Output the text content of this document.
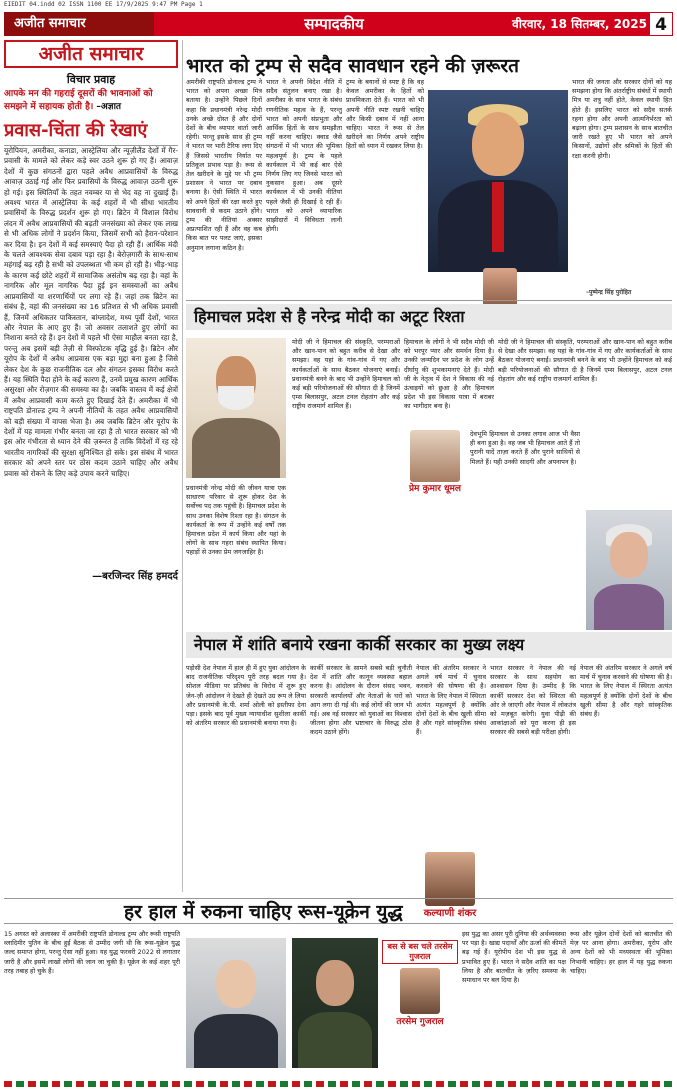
EIEDIT 04.indd 02 ISSN 1100 EE 17/9/2025 9:47 PM Page 1
अजीत समाचार	सम्पादकीय	वीरवार, 18 सितम्बर, 2025 4
अजीत समाचार
विचार प्रवाह
आपके मन की गहराई दूसरों की भावनाओं को समझने में सहायक होती है। –अज्ञात
प्रवास-चिंता की रेखाएं
यूरोपियन, अमरीका, कनाडा, आस्ट्रेलिया और न्यूज़ीलैंड देशों में गैर-प्रवासी के मामले को लेकर कड़े स्वर उठने शुरू हो गए हैं। आवाज़ देशों में कुछ संगठनों द्वारा पहले अवैध आप्रवासियों के विरुद्ध आवाज़ उठाई गई और फिर प्रवासियों के विरुद्ध आवाज़ उठनी शुरू हो गई। इस स्थितियाँ के तहत नवम्बर या से भेद वह ना दुखाई हैं। अवश्य भारत में आस्ट्रेलिया के कई शहरों में भी सीधा भारतीय प्रवासियों के विरुद्ध प्रदर्शन शुरू हो गए। ब्रिटेन में विशाल विरोध लंदन में अवैध आप्रवासियों की बढ़ती जनसंख्या को लेकर एक लाख से भी अधिक लोगों ने प्रदर्शन किया, जिसमें सभी को हैरान-परेशान कर दिया है। इन देशों में कई समस्याएं पैदा हो रही हैं। आर्थिक मंदी के चलते आवश्यक सेवा दबाव पड़ा रहा है। बेरोज़गारी के साथ-साथ महंगाई बढ़ रही है सभी को उपलब्धता भी कम हो रही है। भीड़-भाड़ के कारण कई छोटे शहरों में सामाजिक असंतोष बढ़ रहा है। वहां के नागरिक और मूल नागरिक पैदा हुई इन समस्याओं का अवैध आप्रवासियों या शरणार्थियों पर लगा रहे हैं। जहां तक ब्रिटेन का संबंध है, वहां की जनसंख्या का 16 प्रतिशत से भी अधिक प्रवासी हैं, जिनमें अधिकतर पाकिस्तान, बांग्लादेश, मध्य पूर्वी देशों, भारत और नेपाल के आए हुए हैं। जो अवसर तलाशते हुए लोगों का निशाना बनते रहे हैं। इन देशों में पहले भी ऐसा माहौल बनता रहा है, परन्तु अब इसमें बड़ी तेज़ी से विस्फोटक वृद्धि हुई है। ब्रिटेन और यूरोप के देशों में अवैध आप्रवास एक बड़ा मुद्दा बना हुआ है जिसे लेकर देश के कुछ राजनीतिक दल और संगठन इसका विरोध करते हैं। यह स्थिति पैदा होने के कई कारण हैं, उनमें प्रमुख कारण आर्थिक असुरक्षा और रोज़गार की समस्या का है। जबकि वास्तव में कई क्षेत्रों में अवैध आप्रवासी काम करते हुए दिखाई देते हैं। अमरीका में भी राष्ट्रपति डोनाल्ड ट्रम्प ने अपनी नीतियों के तहत अवैध आप्रवासियों को बड़ी संख्या में वापस भेजा है। अब जबकि ब्रिटेन और यूरोप के देशों में यह मामला गंभीर बनता जा रहा है तो भारत सरकार को भी इस ओर गंभीरता से ध्यान देने की ज़रूरत है ताकि विदेशों में रह रहे भारतीय नागरिकों की सुरक्षा सुनिश्चित हो सके। इस संबंध में भारत सरकार को अपने स्तर पर ठोस कदम उठाने चाहिए और अवैध प्रवास को रोकने के लिए कड़े उपाय करने चाहिए।
—बरजिन्दर सिंह हमदर्द
भारत को ट्रम्प से सदैव सावधान रहने की ज़रूरत
अमरीकी राष्ट्रपति डोनाल्ड ट्रम्प ने भारत को अपना अच्छा मित्र बताया है। उन्होंने पिछले दिनों कहा कि प्रधानमंत्री नरेन्द्र मोदी उनके अच्छे दोस्त हैं और दोनों देशों के बीच व्यापार वार्ता जारी रहेगी। परन्तु इसके साथ ही ट्रम्प ने भारत पर भारी टैरिफ लगा दिए हैं जिससे भारतीय निर्यात पर प्रतिकूल प्रभाव पड़ा है। रूस से तेल खरीदने के मुद्दे पर भी ट्रम्प प्रशासन ने भारत पर दबाव बनाया है। ऐसी स्थिति में भारत को अपने हितों की रक्षा करते हुए सावधानी से कदम उठाने होंगे। ट्रम्प की नीतियां अक्सर अप्रत्याशित रही हैं और वह कब किस बात पर पलट जाएं, इसका अनुमान लगाना कठिन है।
भारत ने अपनी विदेश नीति में सदैव संतुलन बनाए रखा है। अमरीका के साथ भारत के संबंध रणनीतिक महत्व के हैं, परन्तु भारत को अपनी संप्रभुता और आर्थिक हितों के साथ समझौता नहीं करना चाहिए। क्वाड जैसे संगठनों में भी भारत की भूमिका महत्वपूर्ण है। ट्रम्प के पहले कार्यकाल में भी कई बार ऐसे निर्णय लिए गए जिनसे भारत को नुकसान हुआ। अब दूसरे कार्यकाल में भी उनकी नीतियां पहले जैसी ही दिखाई दे रही हैं। भारत को अपने व्यापारिक साझीदारों में विविधता लानी होगी।
ट्रम्प के बयानों से स्पष्ट है कि वह केवल अमरीका के हितों को प्राथमिकता देते हैं। भारत को भी अपनी नीति स्पष्ट रखनी चाहिए और किसी दबाव में नहीं आना चाहिए। भारत ने रूस से तेल खरीदने का निर्णय अपने राष्ट्रीय हितों को ध्यान में रखकर लिया है।
भारत की जनता और सरकार दोनों को यह समझना होगा कि अंतर्राष्ट्रीय संबंधों में स्थायी मित्र या शत्रु नहीं होते, केवल स्थायी हित होते हैं। इसलिए भारत को सदैव सतर्क रहना होगा और अपनी आत्मनिर्भरता को बढ़ाना होगा। ट्रम्प प्रशासन के साथ बातचीत जारी रखते हुए भी भारत को अपने किसानों, उद्योगों और श्रमिकों के हितों की रक्षा करनी होगी।
–पुष्पेन्द्र सिंह पुरोहित
हिमाचल प्रदेश से है नरेन्द्र मोदी का अटूट रिश्ता
प्रधानमंत्री नरेन्द्र मोदी की जीवन यात्रा एक साधारण परिवार से शुरू होकर देश के सर्वोच्च पद तक पहुंची है। हिमाचल प्रदेश के साथ उनका विशेष रिश्ता रहा है। संगठन के कार्यकर्ता के रूप में उन्होंने कई वर्षों तक हिमाचल प्रदेश में कार्य किया और यहां के लोगों के साथ गहरा संबंध स्थापित किया। पहाड़ों से उनका प्रेम जगजाहिर है।
मोदी जी ने हिमाचल की संस्कृति, परम्पराओं और खान-पान को बहुत करीब से देखा और समझा। वह यहां के गांव-गांव में गए और कार्यकर्ताओं के साथ बैठकर योजनाएं बनाईं। प्रधानमंत्री बनने के बाद भी उन्होंने हिमाचल को कई बड़ी परियोजनाओं की सौगात दी है जिनमें एम्स बिलासपुर, अटल टनल रोहतांग और कई राष्ट्रीय राजमार्ग शामिल हैं।
हिमाचल के लोगों ने भी सदैव मोदी जी को भरपूर प्यार और समर्थन दिया है। उनकी जन्मदिन पर प्रदेश के लोग उन्हें दीर्घायु की शुभकामनाएं देते हैं। मोदी जी के नेतृत्व में देश ने विकास की नई ऊंचाइयों को छुआ है और हिमाचल प्रदेश भी इस विकास यात्रा में बराबर का भागीदार बना है।
प्रेम कुमार धूमल
देवभूमि हिमाचल से उनका लगाव आज भी वैसा ही बना हुआ है। वह जब भी हिमाचल आते हैं तो पुरानी यादें ताज़ा करते हैं और पुराने साथियों से मिलते हैं। यही उनकी सादगी और अपनापन है।
मोदी जी ने हिमाचल की संस्कृति, परम्पराओं और खान-पान को बहुत करीब से देखा और समझा। वह यहां के गांव-गांव में गए और कार्यकर्ताओं के साथ बैठकर योजनाएं बनाईं। प्रधानमंत्री बनने के बाद भी उन्होंने हिमाचल को कई बड़ी परियोजनाओं की सौगात दी है जिनमें एम्स बिलासपुर, अटल टनल रोहतांग और कई राष्ट्रीय राजमार्ग शामिल हैं।
नेपाल में शांति बनाये रखना कार्की सरकार का मुख्य लक्ष्य
पड़ोसी देश नेपाल में हाल ही में हुए युवा आंदोलन के बाद राजनीतिक परिदृश्य पूरी तरह बदल गया है। सोशल मीडिया पर प्रतिबंध के विरोध में शुरू हुए जेन-ज़ी आंदोलन ने देखते ही देखते उग्र रूप ले लिया और प्रधानमंत्री के.पी. शर्मा ओली को इस्तीफा देना पड़ा। इसके बाद पूर्व मुख्य न्यायाधीश सुशीला कार्की को अंतरिम सरकार की प्रधानमंत्री बनाया गया है।
कार्की सरकार के सामने सबसे बड़ी चुनौती देश में शांति और कानून व्यवस्था बहाल करना है। आंदोलन के दौरान संसद भवन, सरकारी कार्यालयों और नेताओं के घरों को आग लगा दी गई थी। कई लोगों की जान भी गई। अब नई सरकार को युवाओं का विश्वास जीतना होगा और भ्रष्टाचार के विरुद्ध ठोस कदम उठाने होंगे।
नेपाल की अंतरिम सरकार ने अगले वर्ष मार्च में चुनाव करवाने की घोषणा की है। भारत के लिए नेपाल में स्थिरता अत्यंत महत्वपूर्ण है क्योंकि दोनों देशों के बीच खुली सीमा है और गहरे सांस्कृतिक संबंध हैं।
कल्याणी शंकर
भारत सरकार ने नेपाल की नई सरकार के साथ सहयोग का आश्वासन दिया है। उम्मीद है कि कार्की सरकार देश को स्थिरता की ओर ले जाएगी और नेपाल में लोकतंत्र को मज़बूत करेगी। युवा पीढ़ी की आकांक्षाओं को पूरा करना ही इस सरकार की सबसे बड़ी परीक्षा होगी।
नेपाल की अंतरिम सरकार ने अगले वर्ष मार्च में चुनाव करवाने की घोषणा की है। भारत के लिए नेपाल में स्थिरता अत्यंत महत्वपूर्ण है क्योंकि दोनों देशों के बीच खुली सीमा है और गहरे सांस्कृतिक संबंध हैं।
हर हाल में रुकना चाहिए रूस-यूक्रेन युद्ध
15 अगस्त को अलास्का में अमरीकी राष्ट्रपति डोनाल्ड ट्रम्प और रूसी राष्ट्रपति व्लादिमीर पुतिन के बीच हुई बैठक से उम्मीद जगी थी कि रूस-यूक्रेन युद्ध जल्द समाप्त होगा, परन्तु ऐसा नहीं हुआ। यह युद्ध फरवरी 2022 से लगातार जारी है और इसमें लाखों लोगों की जान जा चुकी है। यूक्रेन के कई शहर पूरी तरह तबाह हो चुके हैं।
बस से बस चले तरसेम गुजराल
तरसेम गुजराल
इस युद्ध का असर पूरी दुनिया की अर्थव्यवस्था पर पड़ा है। खाद्य पदार्थों और ऊर्जा की कीमतें बढ़ गई हैं। यूरोपीय देश भी इस युद्ध से प्रभावित हुए हैं। भारत ने सदैव शांति का पक्ष लिया है और बातचीत के ज़रिए समस्या के समाधान पर बल दिया है।
रूस और यूक्रेन दोनों देशों को बातचीत की मेज़ पर आना होगा। अमरीका, यूरोप और अन्य देशों को भी मध्यस्थता की भूमिका निभानी चाहिए। हर हाल में यह युद्ध रुकना चाहिए।
